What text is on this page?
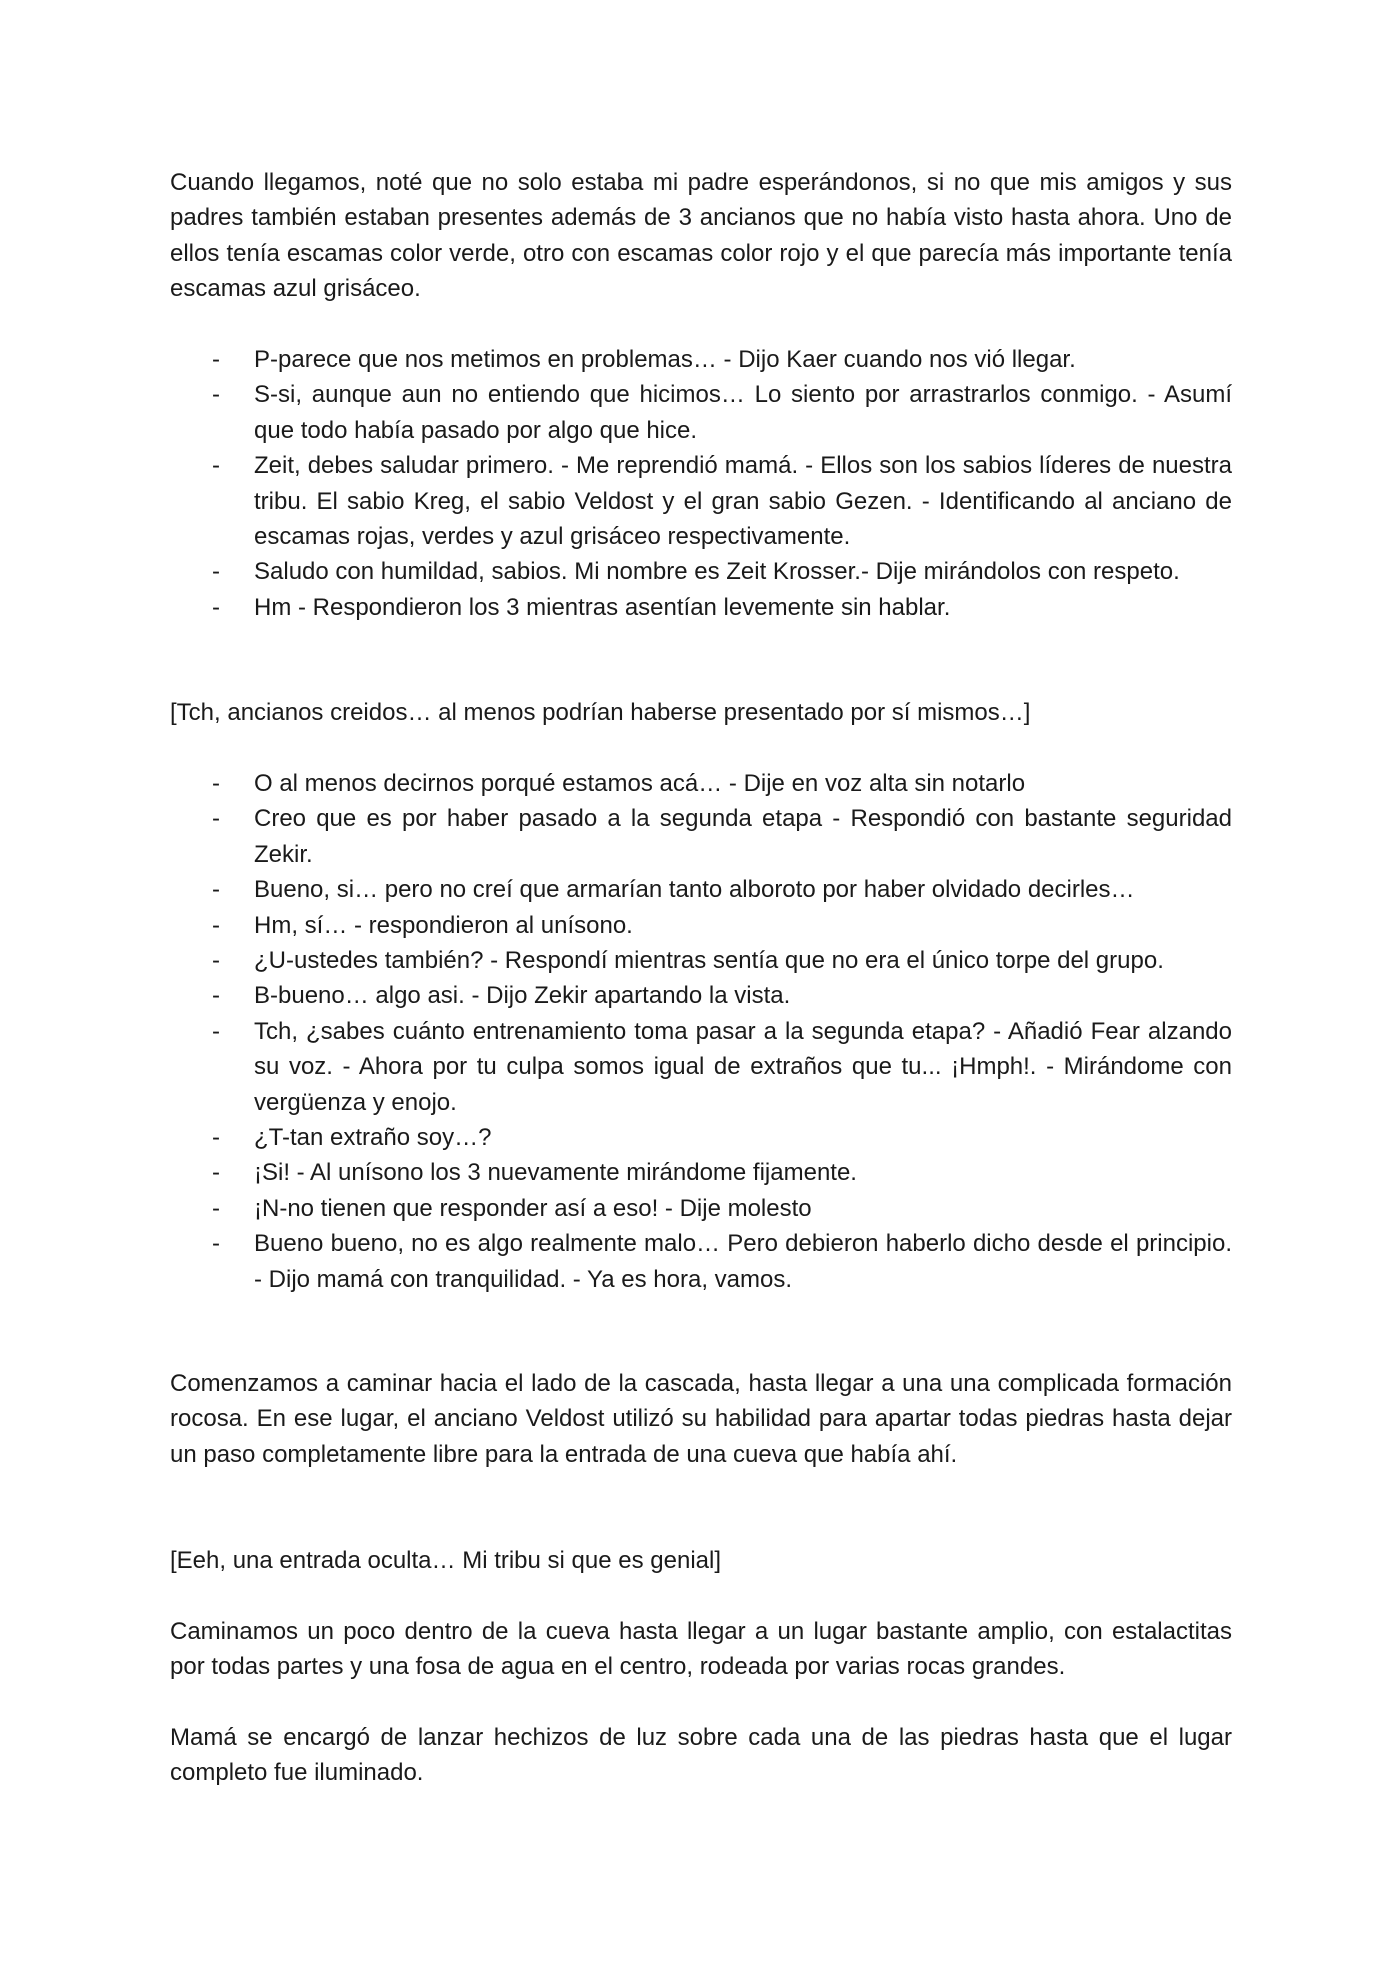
Cuando llegamos, noté que no solo estaba mi padre esperándonos, si no que mis amigos y sus padres también estaban presentes además de 3 ancianos que no había visto hasta ahora. Uno de ellos tenía escamas color verde, otro con escamas color rojo y el que parecía más importante tenía escamas azul grisáceo.

- P-parece que nos metimos en problemas… - Dijo Kaer cuando nos vió llegar.
- S-si, aunque aun no entiendo que hicimos… Lo siento por arrastrarlos conmigo. - Asumí que todo había pasado por algo que hice.
- Zeit, debes saludar primero. - Me reprendió mamá. - Ellos son los sabios líderes de nuestra tribu. El sabio Kreg, el sabio Veldost y el gran sabio Gezen. - Identificando al anciano de escamas rojas, verdes y azul grisáceo respectivamente.
- Saludo con humildad, sabios. Mi nombre es Zeit Krosser.- Dije mirándolos con respeto.
- Hm - Respondieron los 3 mientras asentían levemente sin hablar.

[Tch, ancianos creidos… al menos podrían haberse presentado por sí mismos…]

- O al menos decirnos porqué estamos acá… - Dije en voz alta sin notarlo
- Creo que es por haber pasado a la segunda etapa - Respondió con bastante seguridad Zekir.
- Bueno, si… pero no creí que armarían tanto alboroto por haber olvidado decirles…
- Hm, sí… - respondieron al unísono.
- ¿U-ustedes también? - Respondí mientras sentía que no era el único torpe del grupo.
- B-bueno… algo asi. - Dijo Zekir apartando la vista.
- Tch, ¿sabes cuánto entrenamiento toma pasar a la segunda etapa? - Añadió Fear alzando su voz. - Ahora por tu culpa somos igual de extraños que tu... ¡Hmph!. - Mirándome con vergüenza y enojo.
- ¿T-tan extraño soy…?
- ¡Si! - Al unísono los 3 nuevamente mirándome fijamente.
- ¡N-no tienen que responder así a eso! - Dije molesto
- Bueno bueno, no es algo realmente malo… Pero debieron haberlo dicho desde el principio. - Dijo mamá con tranquilidad. - Ya es hora, vamos.

Comenzamos a caminar hacia el lado de la cascada, hasta llegar a una una complicada formación rocosa. En ese lugar, el anciano Veldost utilizó su habilidad para apartar todas piedras hasta dejar un paso completamente libre para la entrada de una cueva que había ahí.

[Eeh, una entrada oculta… Mi tribu si que es genial]

Caminamos un poco dentro de la cueva hasta llegar a un lugar bastante amplio, con estalactitas por todas partes y una fosa de agua en el centro, rodeada por varias rocas grandes.

Mamá se encargó de lanzar hechizos de luz sobre cada una de las piedras hasta que el lugar completo fue iluminado.
